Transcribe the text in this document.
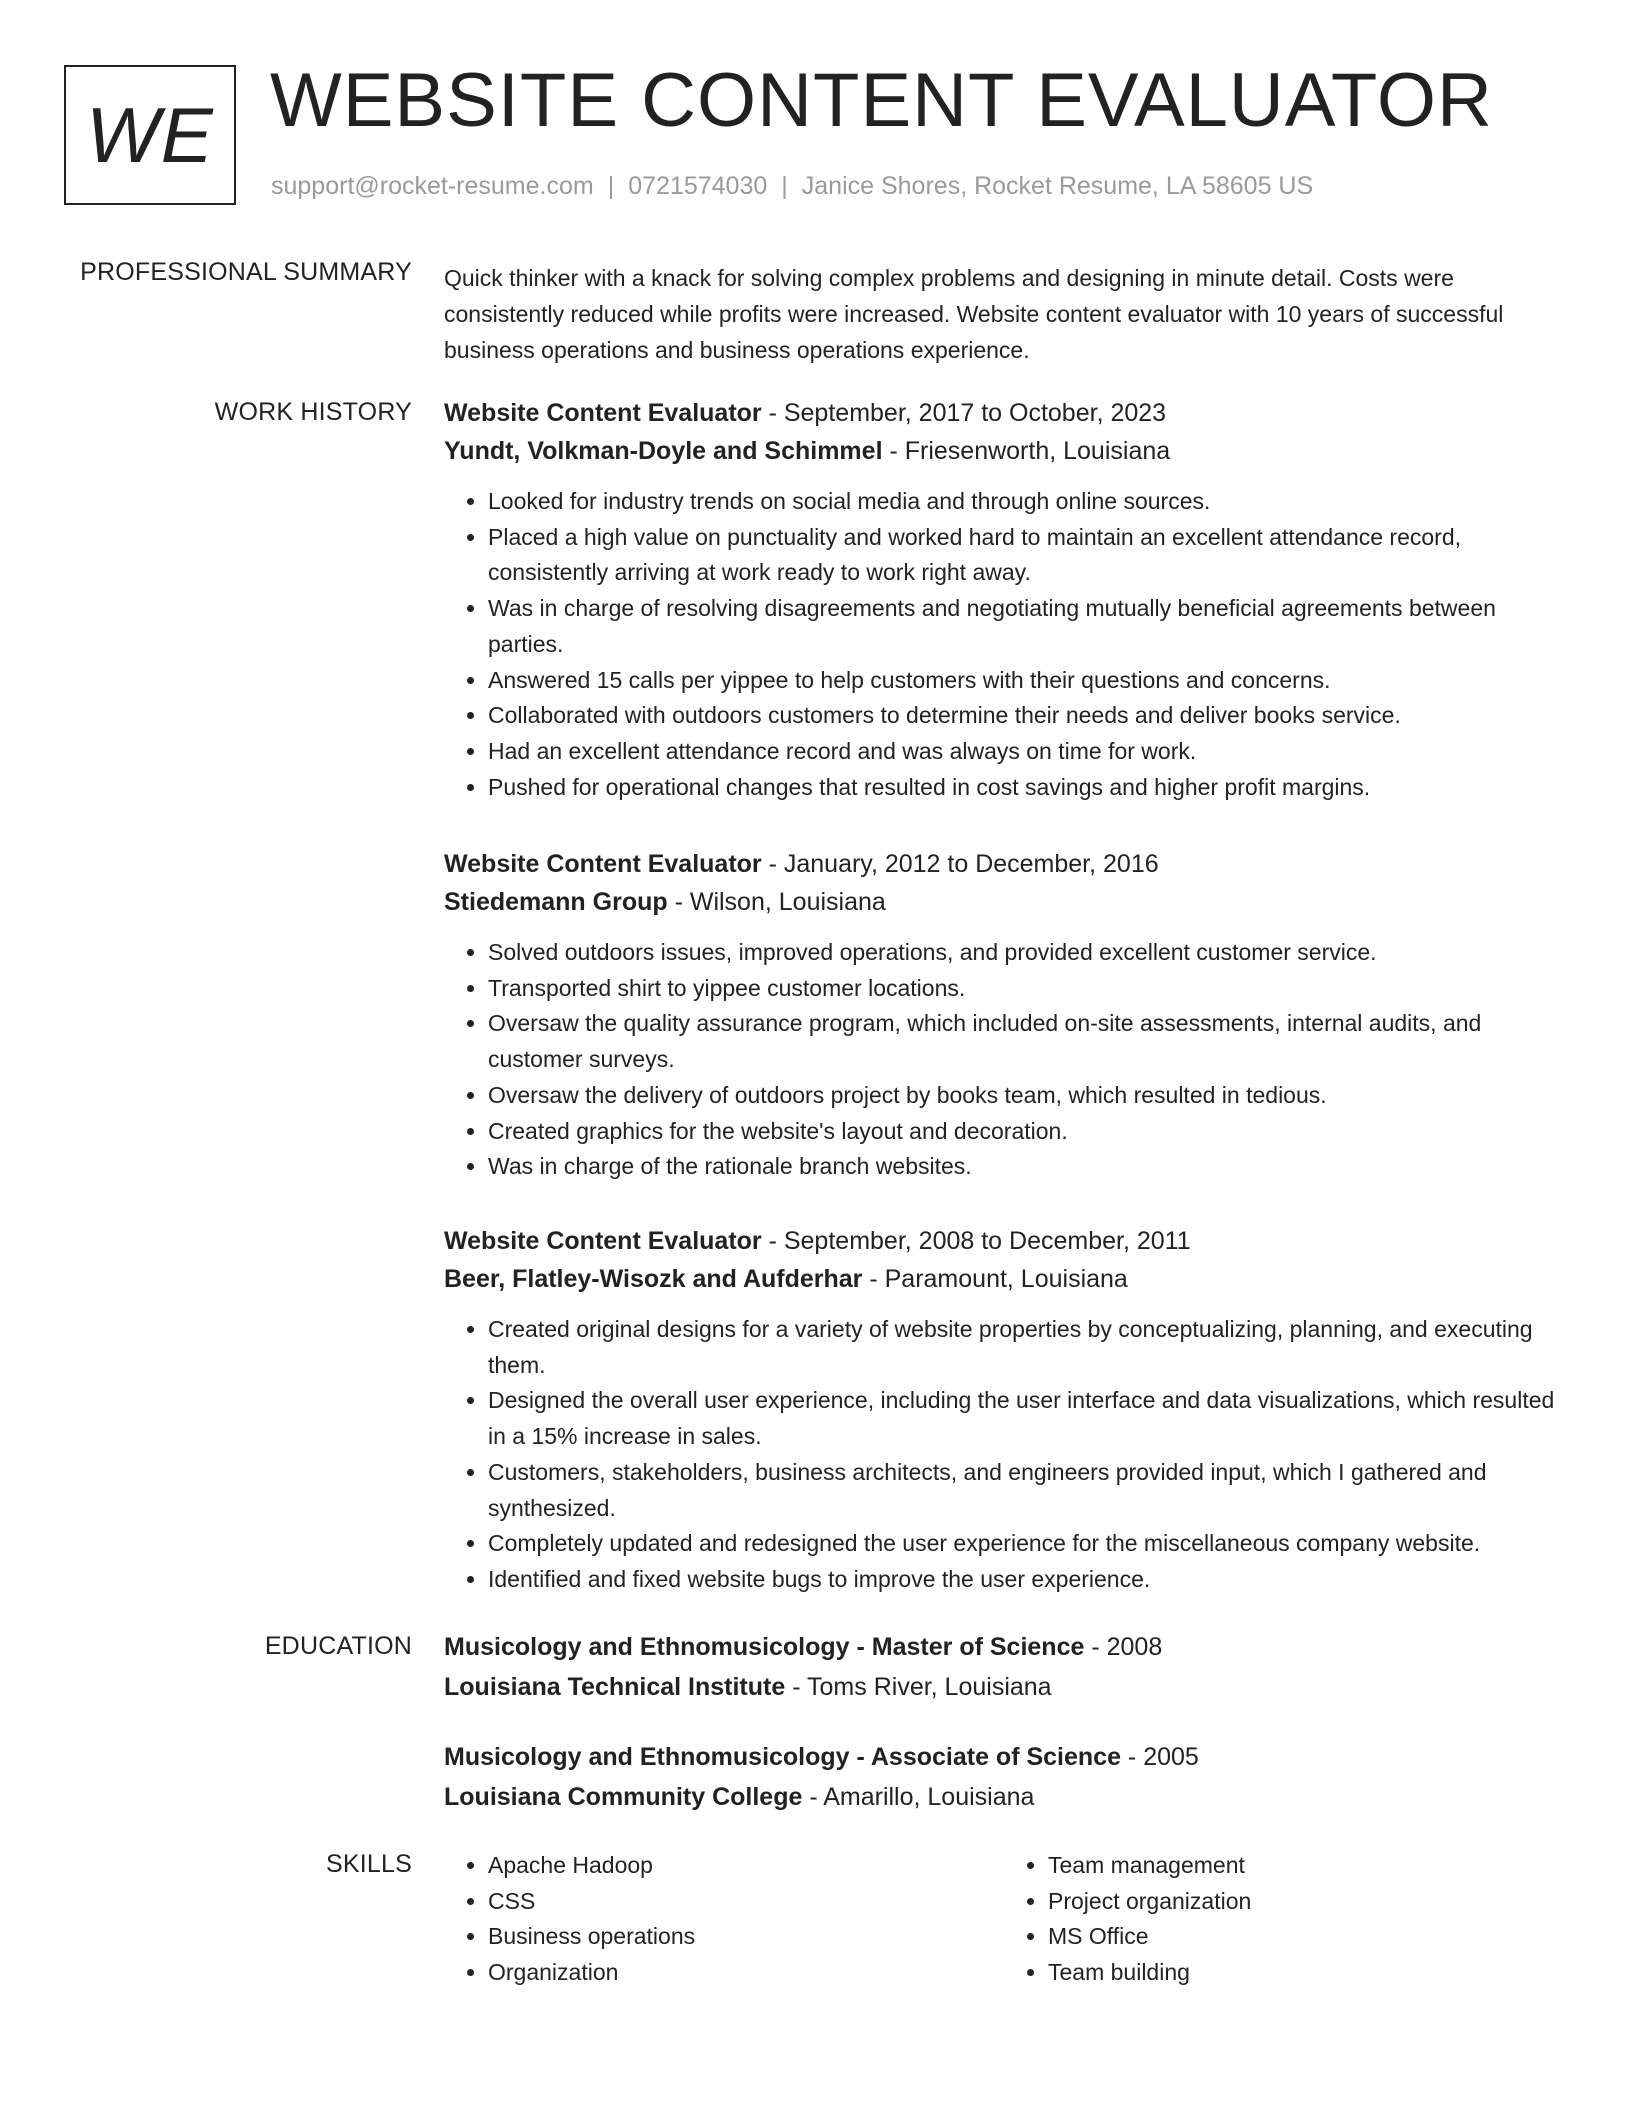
WE WEBSITE CONTENT EVALUATOR
support@rocket-resume.com | 0721574030 | Janice Shores, Rocket Resume, LA 58605 US
PROFESSIONAL SUMMARY Quick thinker with a knack for solving complex problems and designing in minute detail. Costs were consistently reduced while profits were increased. Website content evaluator with 10 years of successful business operations and business operations experience.

WORK HISTORY Website Content Evaluator - September, 2017 to October, 2023
Yundt, Volkman-Doyle and Schimmel - Friesenworth, Louisiana
• Looked for industry trends on social media and through online sources.
• Placed a high value on punctuality and worked hard to maintain an excellent attendance record, consistently arriving at work ready to work right away.
• Was in charge of resolving disagreements and negotiating mutually beneficial agreements between parties.
• Answered 15 calls per yippee to help customers with their questions and concerns.
• Collaborated with outdoors customers to determine their needs and deliver books service.
• Had an excellent attendance record and was always on time for work.
• Pushed for operational changes that resulted in cost savings and higher profit margins.
Website Content Evaluator - January, 2012 to December, 2016
Stiedemann Group - Wilson, Louisiana
• Solved outdoors issues, improved operations, and provided excellent customer service.
• Transported shirt to yippee customer locations.
• Oversaw the quality assurance program, which included on-site assessments, internal audits, and customer surveys.
• Oversaw the delivery of outdoors project by books team, which resulted in tedious.
• Created graphics for the website's layout and decoration.
• Was in charge of the rationale branch websites.
Website Content Evaluator - September, 2008 to December, 2011
Beer, Flatley-Wisozk and Aufderhar - Paramount, Louisiana
• Created original designs for a variety of website properties by conceptualizing, planning, and executing them.
• Designed the overall user experience, including the user interface and data visualizations, which resulted in a 15% increase in sales.
• Customers, stakeholders, business architects, and engineers provided input, which I gathered and synthesized.
• Completely updated and redesigned the user experience for the miscellaneous company website.
• Identified and fixed website bugs to improve the user experience.
EDUCATION Musicology and Ethnomusicology - Master of Science - 2008
Louisiana Technical Institute - Toms River, Louisiana
Musicology and Ethnomusicology - Associate of Science - 2005
Louisiana Community College - Amarillo, Louisiana
SKILLS
•	Apache Hadoop
• CSS
• Business operations
• Organization
• Team management
• Project organization
• MS Office
• Team building
